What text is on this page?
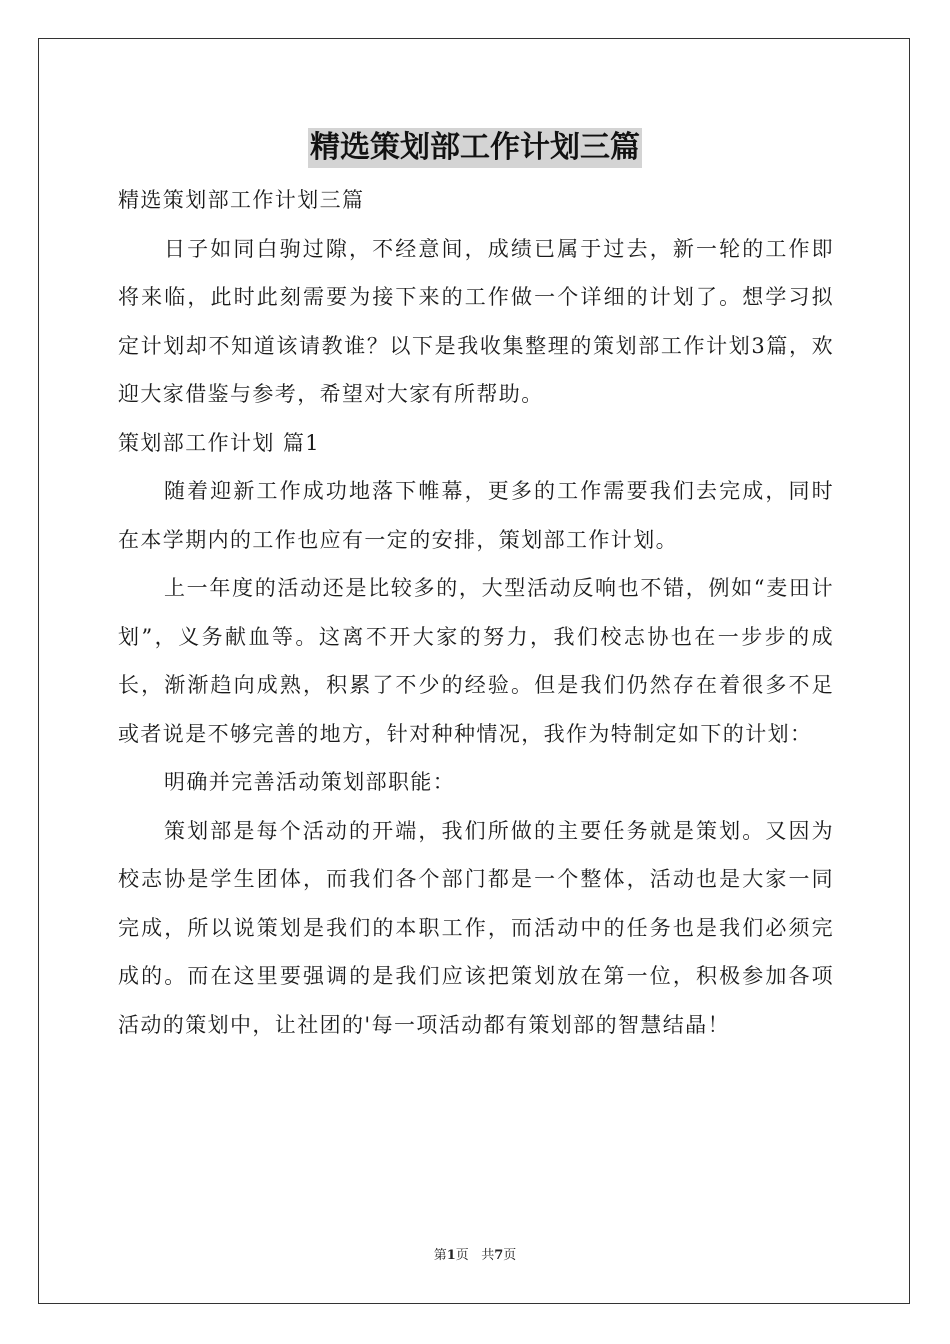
精选策划部工作计划三篇

精选策划部工作计划三篇

日子如同白驹过隙，不经意间，成绩已属于过去，新一轮的工作即将来临，此时此刻需要为接下来的工作做一个详细的计划了。想学习拟定计划却不知道该请教谁？以下是我收集整理的策划部工作计划3篇，欢迎大家借鉴与参考，希望对大家有所帮助。

策划部工作计划 篇1

随着迎新工作成功地落下帷幕，更多的工作需要我们去完成，同时在本学期内的工作也应有一定的安排，策划部工作计划。

上一年度的活动还是比较多的，大型活动反响也不错，例如“麦田计划”，义务献血等。这离不开大家的努力，我们校志协也在一步步的成长，渐渐趋向成熟，积累了不少的经验。但是我们仍然存在着很多不足或者说是不够完善的地方，针对种种情况，我作为特制定如下的计划：

明确并完善活动策划部职能：

策划部是每个活动的开端，我们所做的主要任务就是策划。又因为校志协是学生团体，而我们各个部门都是一个整体，活动也是大家一同完成，所以说策划是我们的本职工作，而活动中的任务也是我们必须完成的。而在这里要强调的是我们应该把策划放在第一位，积极参加各项活动的策划中，让社团的'每一项活动都有策划部的智慧结晶！

第1页 共7页
